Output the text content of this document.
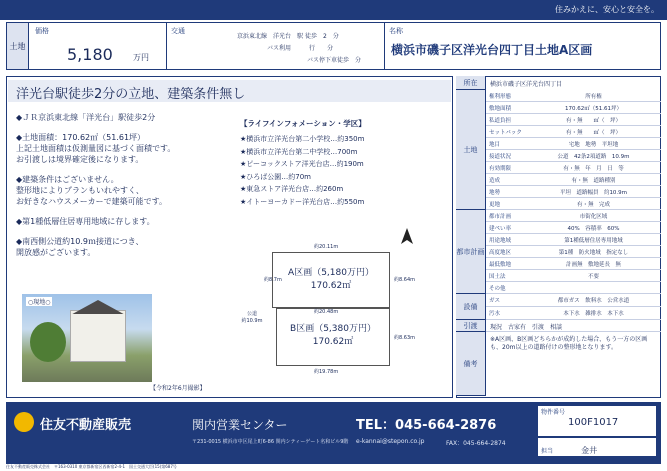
住みかえに、安心と安全を。
土地
価格
5,180	万円
交通
京浜東北線　 洋光台　 駅 徒歩　 2　 分
バス利用　　　	行　　 分
バス停下車徒歩　 分
名称
横浜市磯子区洋光台四丁目土地A区画
洋光台駅徒歩2分の立地、建築条件無し
◆ＪＲ京浜東北線「洋光台」駅徒歩2分
◆土地面積：170.62㎡（51.61坪）
上記土地面積は仮測量図に基づく面積です。
お引渡しは境界確定後になります。
◆建築条件はございません。
整形地によりプランもいれやすく、
お好きなハウスメーカーで建築可能です。
◆第1種低層住居専用地域に存します。
◆南西側公道約10.9ｍ接道につき、
開放感がございます。
【ライフインフォメーション・学区】
★横浜市立洋光台第二小学校…約350m
★横浜市立洋光台第二中学校…700m
★ピーコックストア洋光台店…約190m
★ひろば公園…約70m
★東急ストア洋光台店…約260m
★イトーヨーカドー洋光台店…約550m
○現地○
【令和2年6月撮影】
A区画（5,180万円）
170.62㎡
B区画（5,380万円）
170.62㎡
公道
約10.9m
約20.11m
約20.48m
約19.78m
約8.7m	約8.64m
約8.63m
所在	横浜市磯子区洋光台四丁目
土地
都市計画
設備
引渡
備考
権利形態	所有権
敷地面積	170.62㎡（51.61坪）
私道負担	有・無　　㎡（　坪）
セットバック	有・無　　㎡（　坪）
地目	宅地　地勢　平坦地
接道状況	公道　42条2項道路　10.9m
有効期限	有・無　年　月　日　等
造成	有・無　道路種別
地勢	平坦　道路幅員　約10.9m
更地	有・無　完成
都市計画	市街化区域
建ぺい率	40%　容積率　60%
用途地域	第1種低層住居専用地域
高度地区	第1種　防火地域　指定なし
最低敷地	計画無　敷地延長　無
国土法	不要
その他
ガス	都市ガス　飲料水　公営水道
汚水	本下水　雑排水　本下水
現況　 古家有　引渡　 相談
※A区画、B区画どちらかが成約した場合、もう一方の区画も、20m以上の道路付けの整形地となります。
住友不動産販売	関内営業センター	TEL：045-664-2876
〒231-0015 横浜市中区尾上町6-86 関内シティーゲート名和ビル9階 e-kannai@stepon.co.jp	FAX：045-664-2874
物件番号
100F1017
担当	金井
住友不動産販売株式会社　〒163-0310 東京都新宿区西新宿2-4-1　国土交通大臣(15)第687号
